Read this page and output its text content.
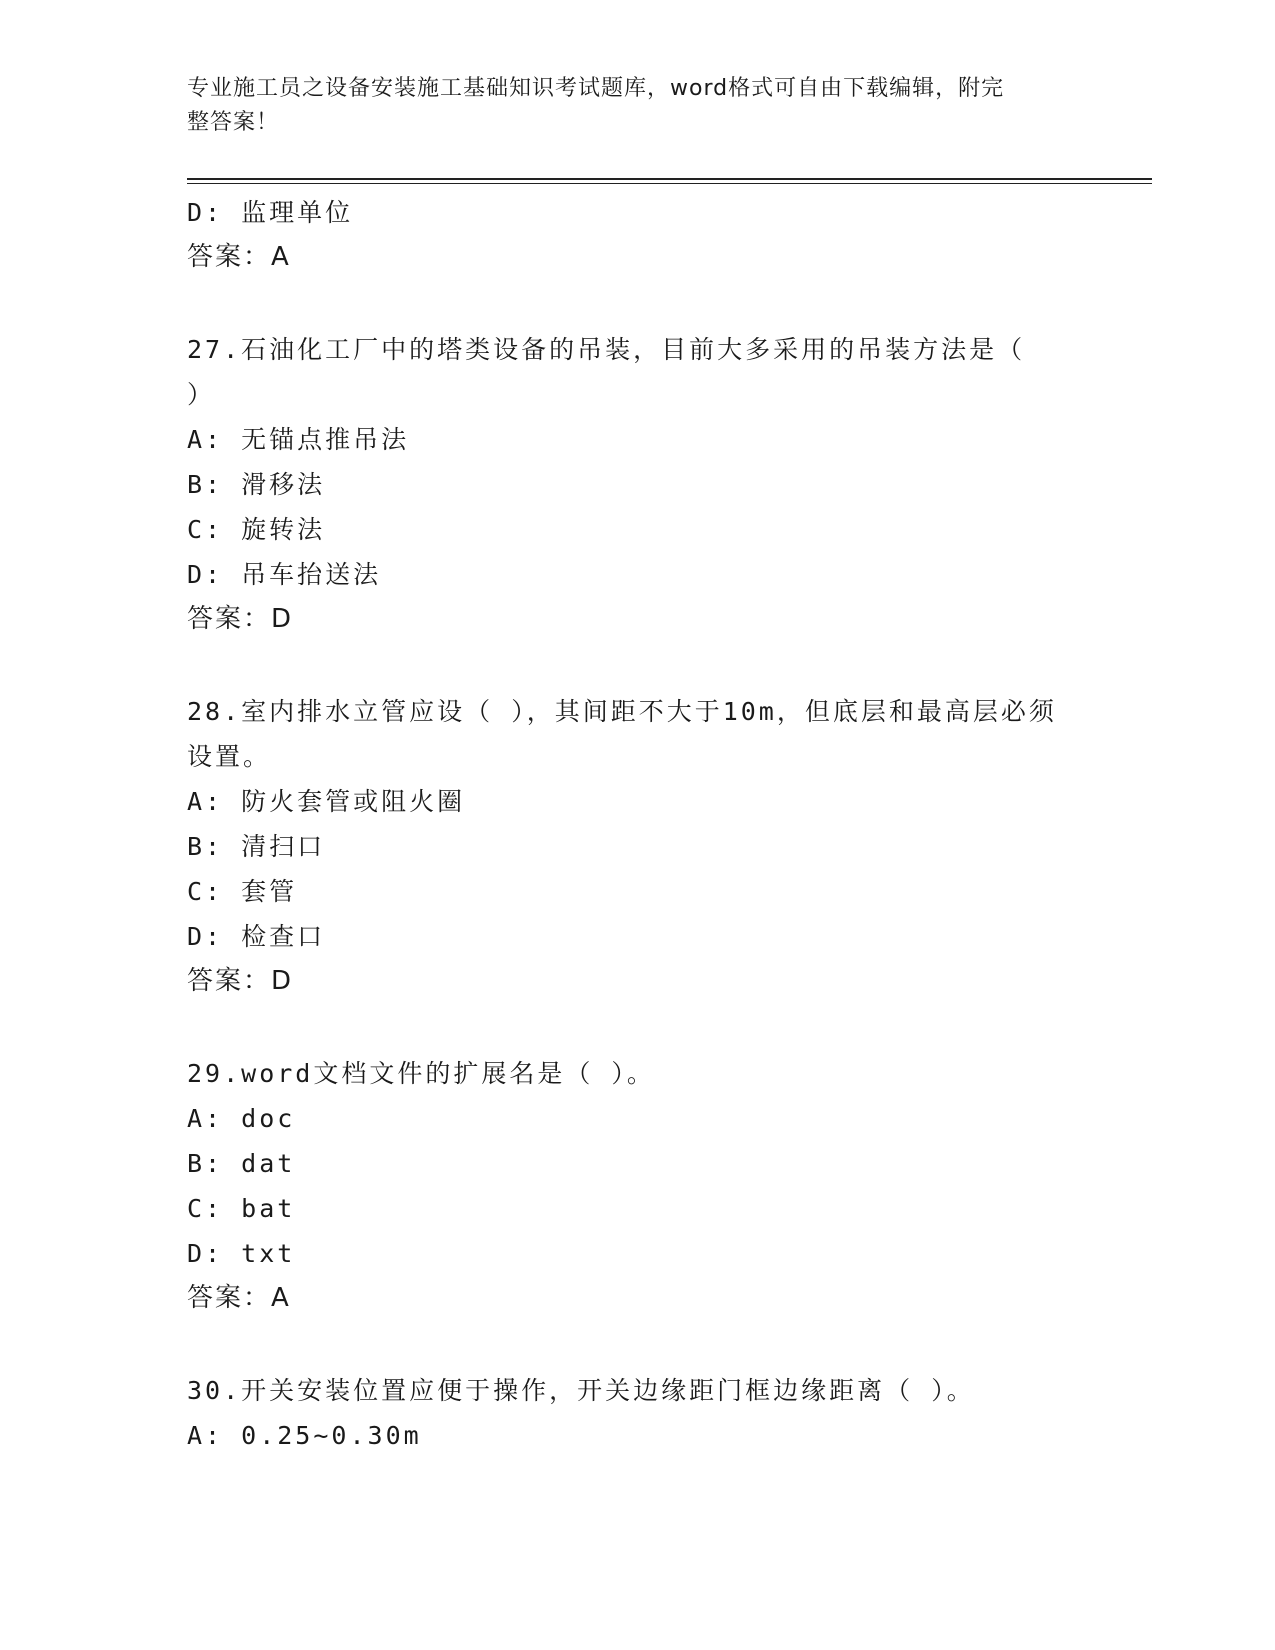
专业施工员之设备安装施工基础知识考试题库，word格式可自由下载编辑，附完
整答案！
D: 监理单位
答案：A
27.石油化工厂中的塔类设备的吊装，目前大多采用的吊装方法是（
）
A: 无锚点推吊法
B: 滑移法
C: 旋转法
D: 吊车抬送法
答案：D
28.室内排水立管应设（ ），其间距不大于10m，但底层和最高层必须
设置。
A: 防火套管或阻火圈
B: 清扫口
C: 套管
D: 检查口
答案：D
29.word文档文件的扩展名是（ ）。
A: doc
B: dat
C: bat
D: txt
答案：A
30.开关安装位置应便于操作，开关边缘距门框边缘距离（ ）。
A: 0.25~0.30m
